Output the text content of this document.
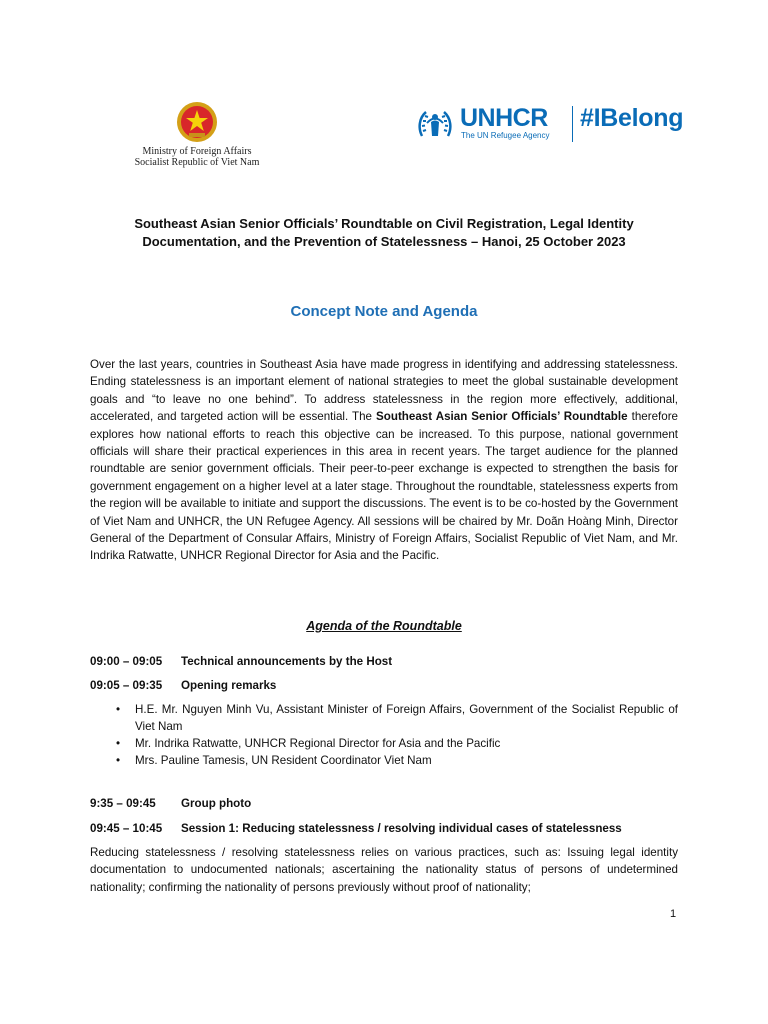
Ministry of Foreign Affairs
Socialist Republic of Viet Nam
UNHCR
The UN Refugee Agency
#IBelong
Southeast Asian Senior Officials’ Roundtable on Civil Registration, Legal Identity
Documentation, and the Prevention of Statelessness – Hanoi, 25 October 2023
Concept Note and Agenda

Over the last years, countries in Southeast Asia have made progress in identifying and addressing statelessness. Ending statelessness is an important element of national strategies to meet the global sustainable development goals and “to leave no one behind”. To address statelessness in the region more effectively, additional, accelerated, and targeted action will be essential. The Southeast Asian Senior Officials’ Roundtable therefore explores how national efforts to reach this objective can be increased. To this purpose, national government officials will share their practical experiences in this area in recent years. The target audience for the planned roundtable are senior government officials. Their peer-to-peer exchange is expected to strengthen the basis for government engagement on a higher level at a later stage. Throughout the roundtable, statelessness experts from the region will be available to initiate and support the discussions. The event is to be co-hosted by the Government of Viet Nam and UNHCR, the UN Refugee Agency. All sessions will be chaired by Mr. Doãn Hoàng Minh, Director General of the Department of Consular Affairs, Ministry of Foreign Affairs, Socialist Republic of Viet Nam, and Mr. Indrika Ratwatte, UNHCR Regional Director for Asia and the Pacific.

Agenda of the Roundtable
09:00 – 09:05 Technical announcements by the Host
09:05 – 09:35 Opening remarks
• H.E. Mr. Nguyen Minh Vu, Assistant Minister of Foreign Affairs, Government of the Socialist Republic of Viet Nam
• Mr. Indrika Ratwatte, UNHCR Regional Director for Asia and the Pacific
• Mrs. Pauline Tamesis, UN Resident Coordinator Viet Nam
9:35 – 09:45 Group photo
09:45 – 10:45 Session 1: Reducing statelessness / resolving individual cases of statelessness

Reducing statelessness / resolving statelessness relies on various practices, such as: Issuing legal identity documentation to undocumented nationals; ascertaining the nationality status of persons of undetermined nationality; confirming the nationality of persons previously without proof of nationality;

1
